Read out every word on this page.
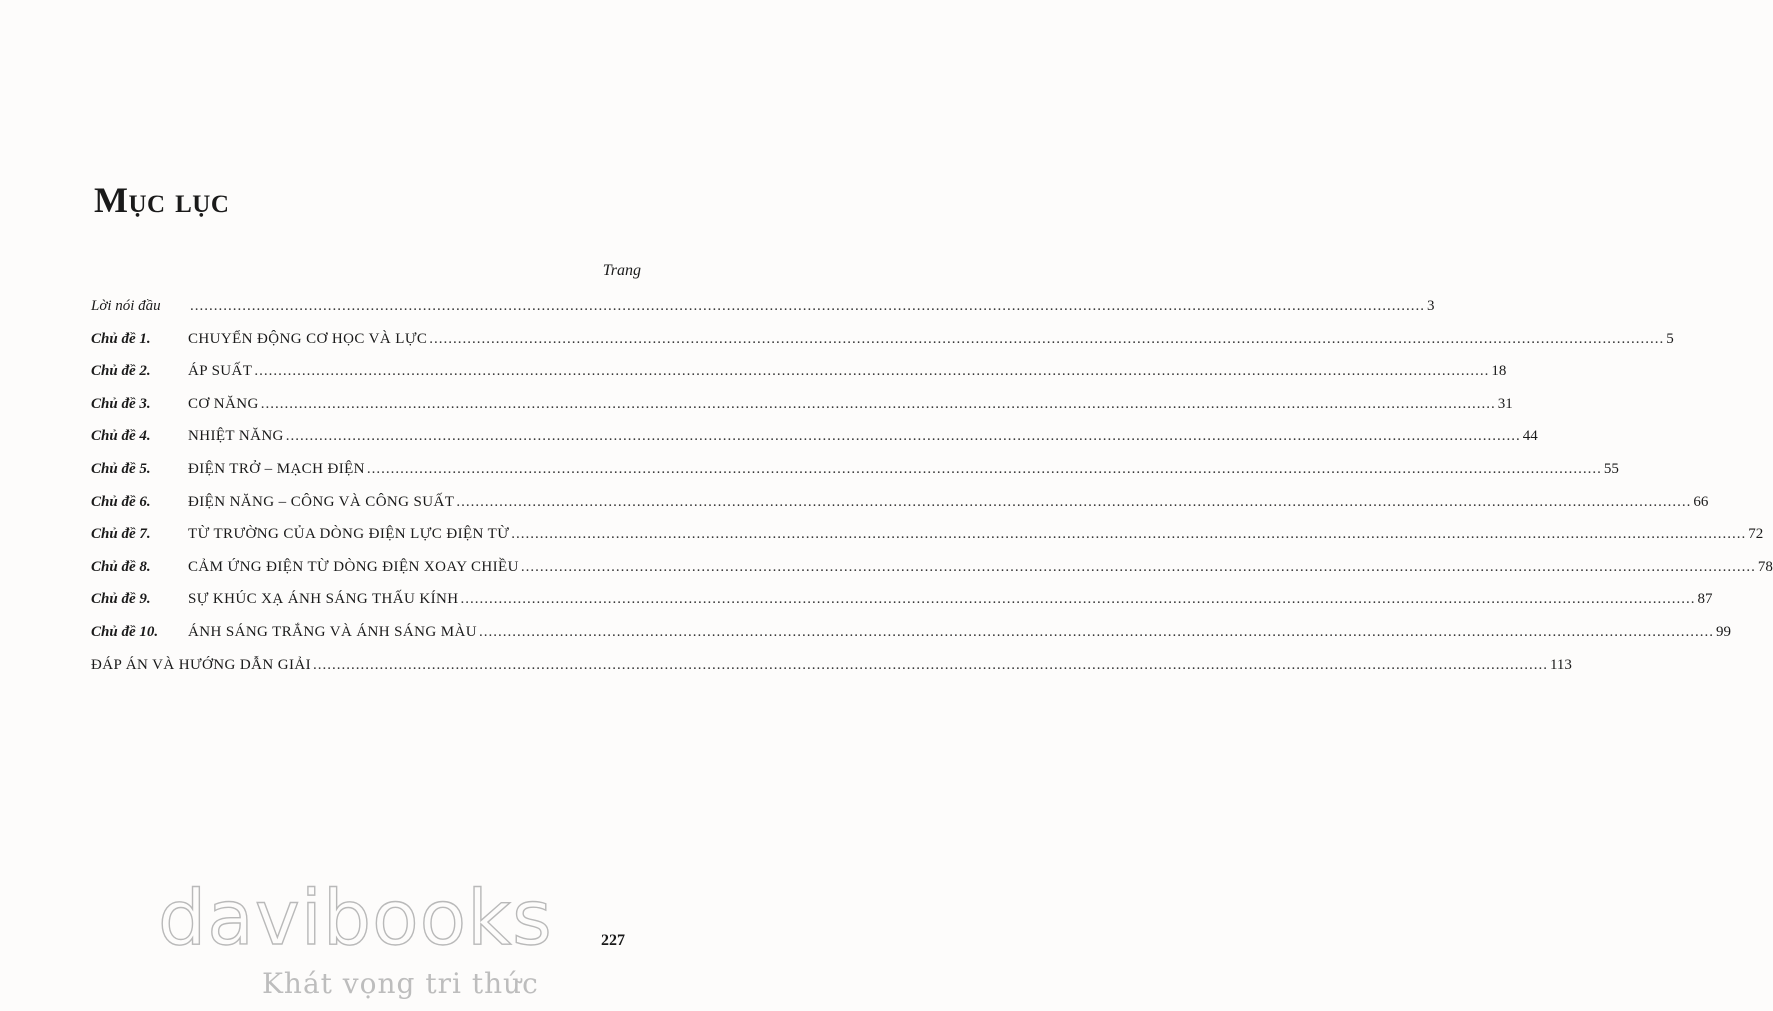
Mục lục
Trang
Lời nói đầu	.................................................................................................................................................................................................................................................................... 3
Chủ đề 1.	CHUYỂN ĐỘNG CƠ HỌC VÀ LỰC .................................................................................................................................................................................................................................................................... 5
Chủ đề 2.	ÁP SUẤT .................................................................................................................................................................................................................................................................... 18
Chủ đề 3.	CƠ NĂNG .................................................................................................................................................................................................................................................................... 31
Chủ đề 4.	NHIỆT NĂNG .................................................................................................................................................................................................................................................................... 44
Chủ đề 5.	ĐIỆN TRỞ – MẠCH ĐIỆN .................................................................................................................................................................................................................................................................... 55
Chủ đề 6.	ĐIỆN NĂNG – CÔNG VÀ CÔNG SUẤT .................................................................................................................................................................................................................................................................... 66
Chủ đề 7.	TỪ TRƯỜNG CỦA DÒNG ĐIỆN LỰC ĐIỆN TỪ .................................................................................................................................................................................................................................................................... 72
Chủ đề 8.	CẢM ỨNG ĐIỆN TỪ DÒNG ĐIỆN XOAY CHIỀU .................................................................................................................................................................................................................................................................... 78
Chủ đề 9.	SỰ KHÚC XẠ ÁNH SÁNG THẤU KÍNH .................................................................................................................................................................................................................................................................... 87
Chủ đề 10.	ÁNH SÁNG TRẮNG VÀ ÁNH SÁNG MÀU .................................................................................................................................................................................................................................................................... 99
ĐÁP ÁN VÀ HƯỚNG DẪN GIẢI .................................................................................................................................................................................................................................................................... 113
227
davibooks
Khát vọng tri thức
